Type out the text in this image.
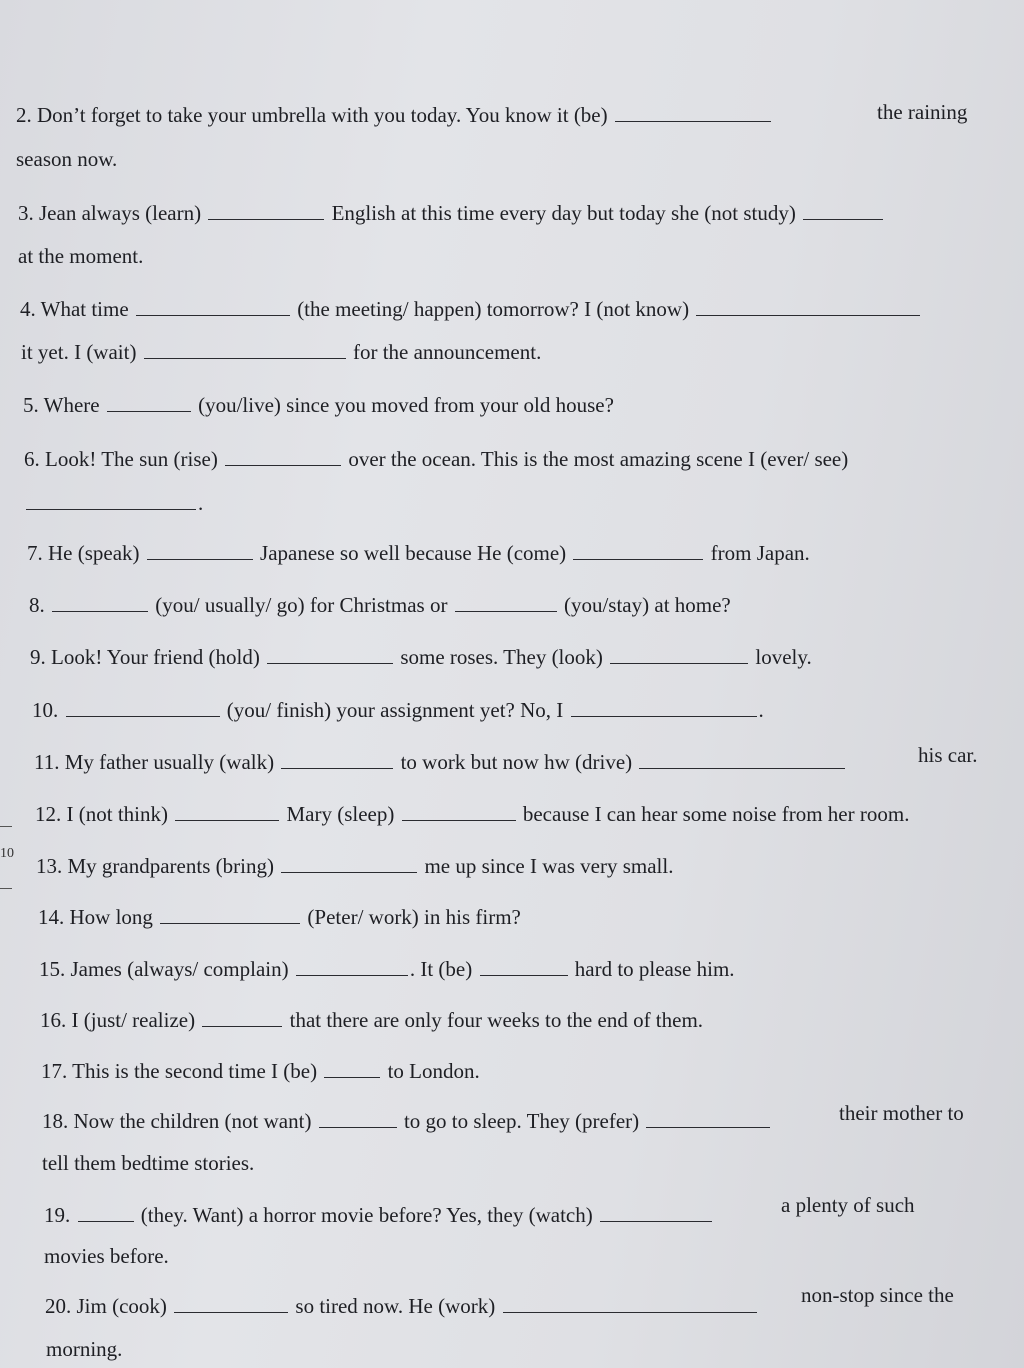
2. Don’t forget to take your umbrella with you today. You know it (be)	the raining
season now.
3. Jean always (learn)	English at this time every day but today she (not study)
at the moment.
4. What time	(the meeting/ happen) tomorrow? I (not know)
it yet. I (wait)	for the announcement.
5. Where	(you/live) since you moved from your old house?
6. Look! The sun (rise)	over the ocean. This is the most amazing scene I (ever/ see)
.
7. He (speak)	Japanese so well because He (come)	from Japan.
8.	(you/ usually/ go) for Christmas or	(you/stay) at home?
9. Look! Your friend (hold)	some roses. They (look)	lovely.
10.	(you/ finish) your assignment yet? No, I	.
11. My father usually (walk)	to work but now hw (drive)	his car.
12. I (not think)	Mary (sleep)	because I can hear some noise from her room.
13. My grandparents (bring)	me up since I was very small.
14. How long	(Peter/ work) in his firm?
15. James (always/ complain)	. It (be)	hard to please him.
16. I (just/ realize)	that there are only four weeks to the end of them.
17. This is the second time I (be)	to London.
18. Now the children (not want)	to go to sleep. They (prefer)	their mother to
tell them bedtime stories.
19.	(they. Want) a horror movie before? Yes, they (watch)	a plenty of such
movies before.
20. Jim (cook)	so tired now. He (work)	non-stop since the
morning.
10
